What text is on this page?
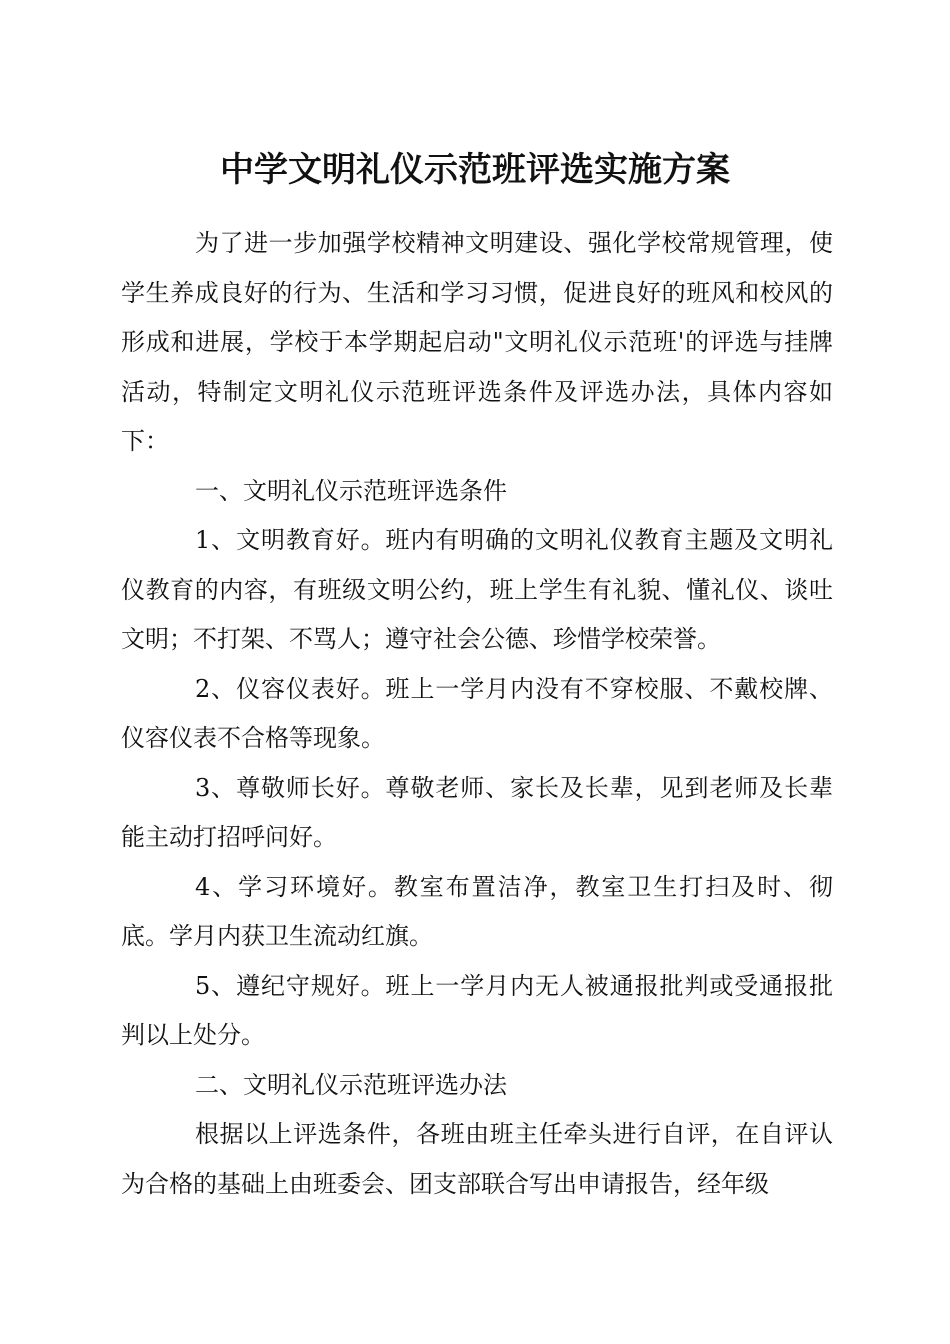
中学文明礼仪示范班评选实施方案

为了进一步加强学校精神文明建设、强化学校常规管理，使学生养成良好的行为、生活和学习习惯，促进良好的班风和校风的形成和进展，学校于本学期起启动"文明礼仪示范班'的评选与挂牌活动，特制定文明礼仪示范班评选条件及评选办法，具体内容如下：

一、文明礼仪示范班评选条件

1、文明教育好。班内有明确的文明礼仪教育主题及文明礼仪教育的内容，有班级文明公约，班上学生有礼貌、懂礼仪、谈吐文明；不打架、不骂人；遵守社会公德、珍惜学校荣誉。

2、仪容仪表好。班上一学月内没有不穿校服、不戴校牌、仪容仪表不合格等现象。

3、尊敬师长好。尊敬老师、家长及长辈，见到老师及长辈能主动打招呼问好。

4、学习环境好。教室布置洁净，教室卫生打扫及时、彻底。学月内获卫生流动红旗。

5、遵纪守规好。班上一学月内无人被通报批判或受通报批判以上处分。

二、文明礼仪示范班评选办法

根据以上评选条件，各班由班主任牵头进行自评，在自评认为合格的基础上由班委会、团支部联合写出申请报告，经年级
